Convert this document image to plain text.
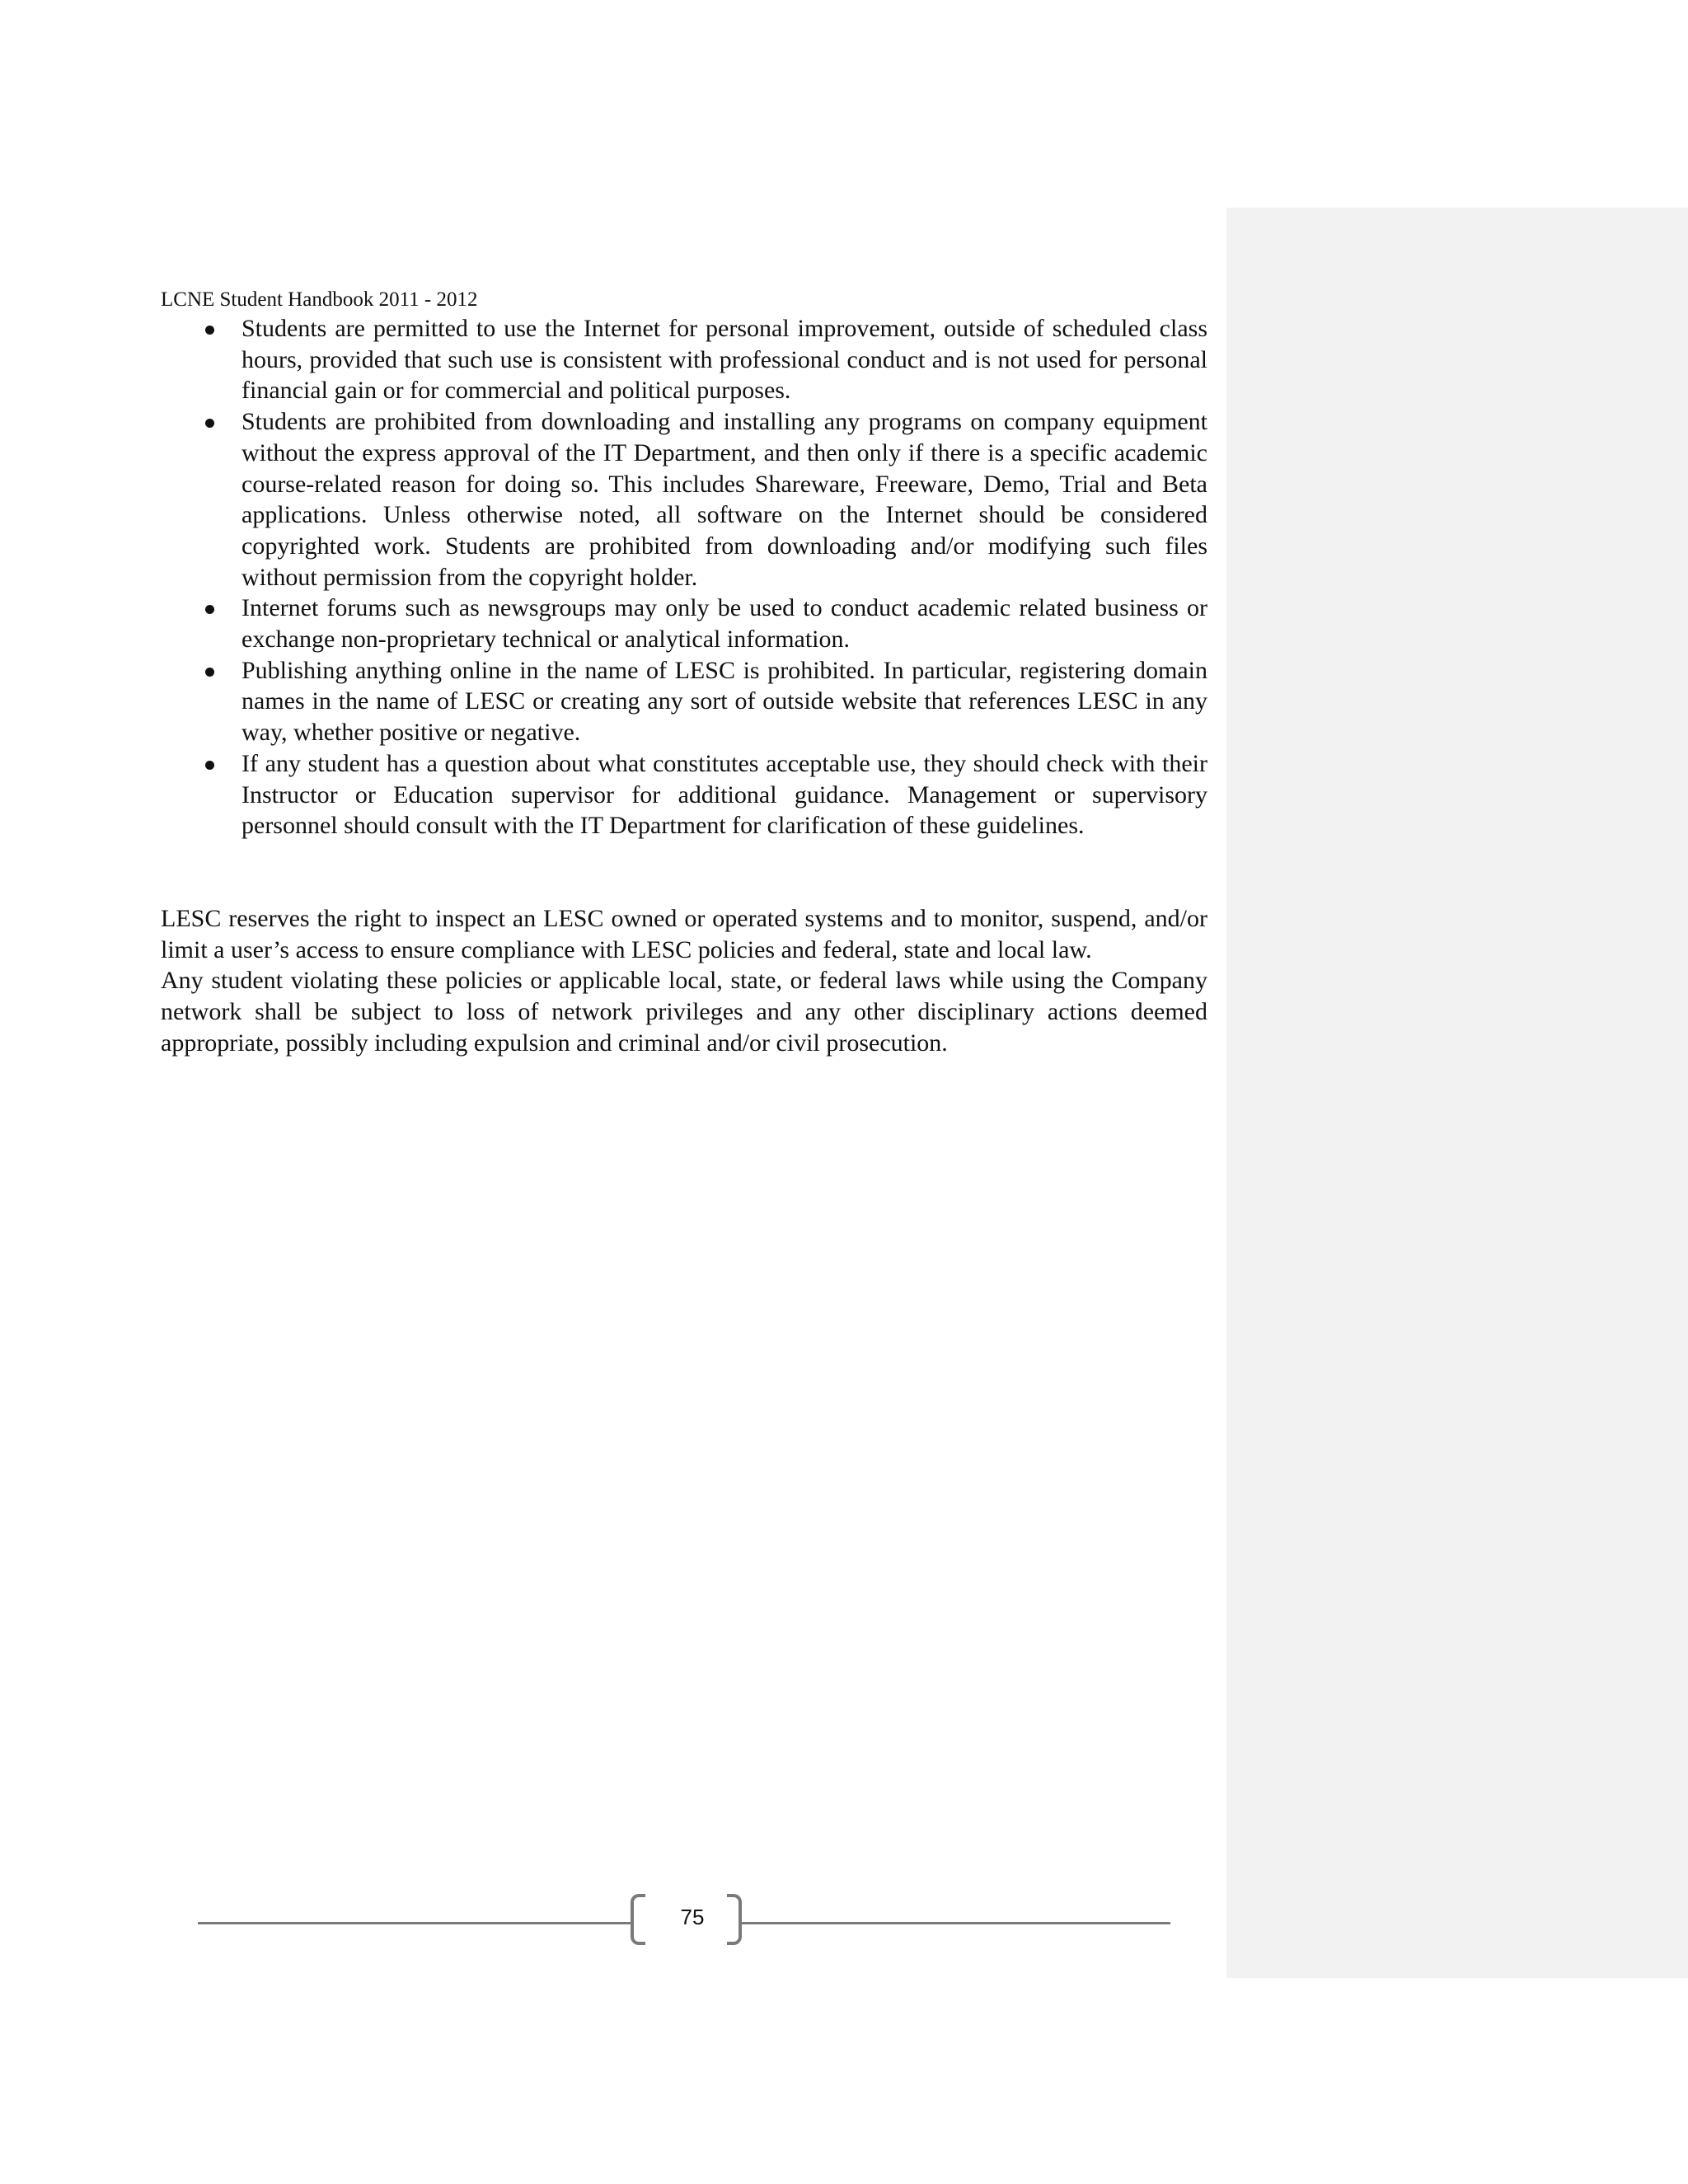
LCNE Student Handbook 2011 - 2012

Students are permitted to use the Internet for personal improvement, outside of scheduled class hours, provided that such use is consistent with professional conduct and is not used for personal financial gain or for commercial and political purposes.
Students are prohibited from downloading and installing any programs on company equipment without the express approval of the IT Department, and then only if there is a specific academic course-related reason for doing so. This includes Shareware, Freeware, Demo, Trial and Beta applications. Unless otherwise noted, all software on the Internet should be considered copyrighted work. Students are prohibited from downloading and/or modifying such files without permission from the copyright holder.
Internet forums such as newsgroups may only be used to conduct academic related business or exchange non-proprietary technical or analytical information.
Publishing anything online in the name of LESC is prohibited. In particular, registering domain names in the name of LESC or creating any sort of outside website that references LESC in any way, whether positive or negative.
If any student has a question about what constitutes acceptable use, they should check with their Instructor or Education supervisor for additional guidance. Management or supervisory personnel should consult with the IT Department for clarification of these guidelines.

LESC reserves the right to inspect an LESC owned or operated systems and to monitor, suspend, and/or limit a user’s access to ensure compliance with LESC policies and federal, state and local law.

Any student violating these policies or applicable local, state, or federal laws while using the Company network shall be subject to loss of network privileges and any other disciplinary actions deemed appropriate, possibly including expulsion and criminal and/or civil prosecution.

75
